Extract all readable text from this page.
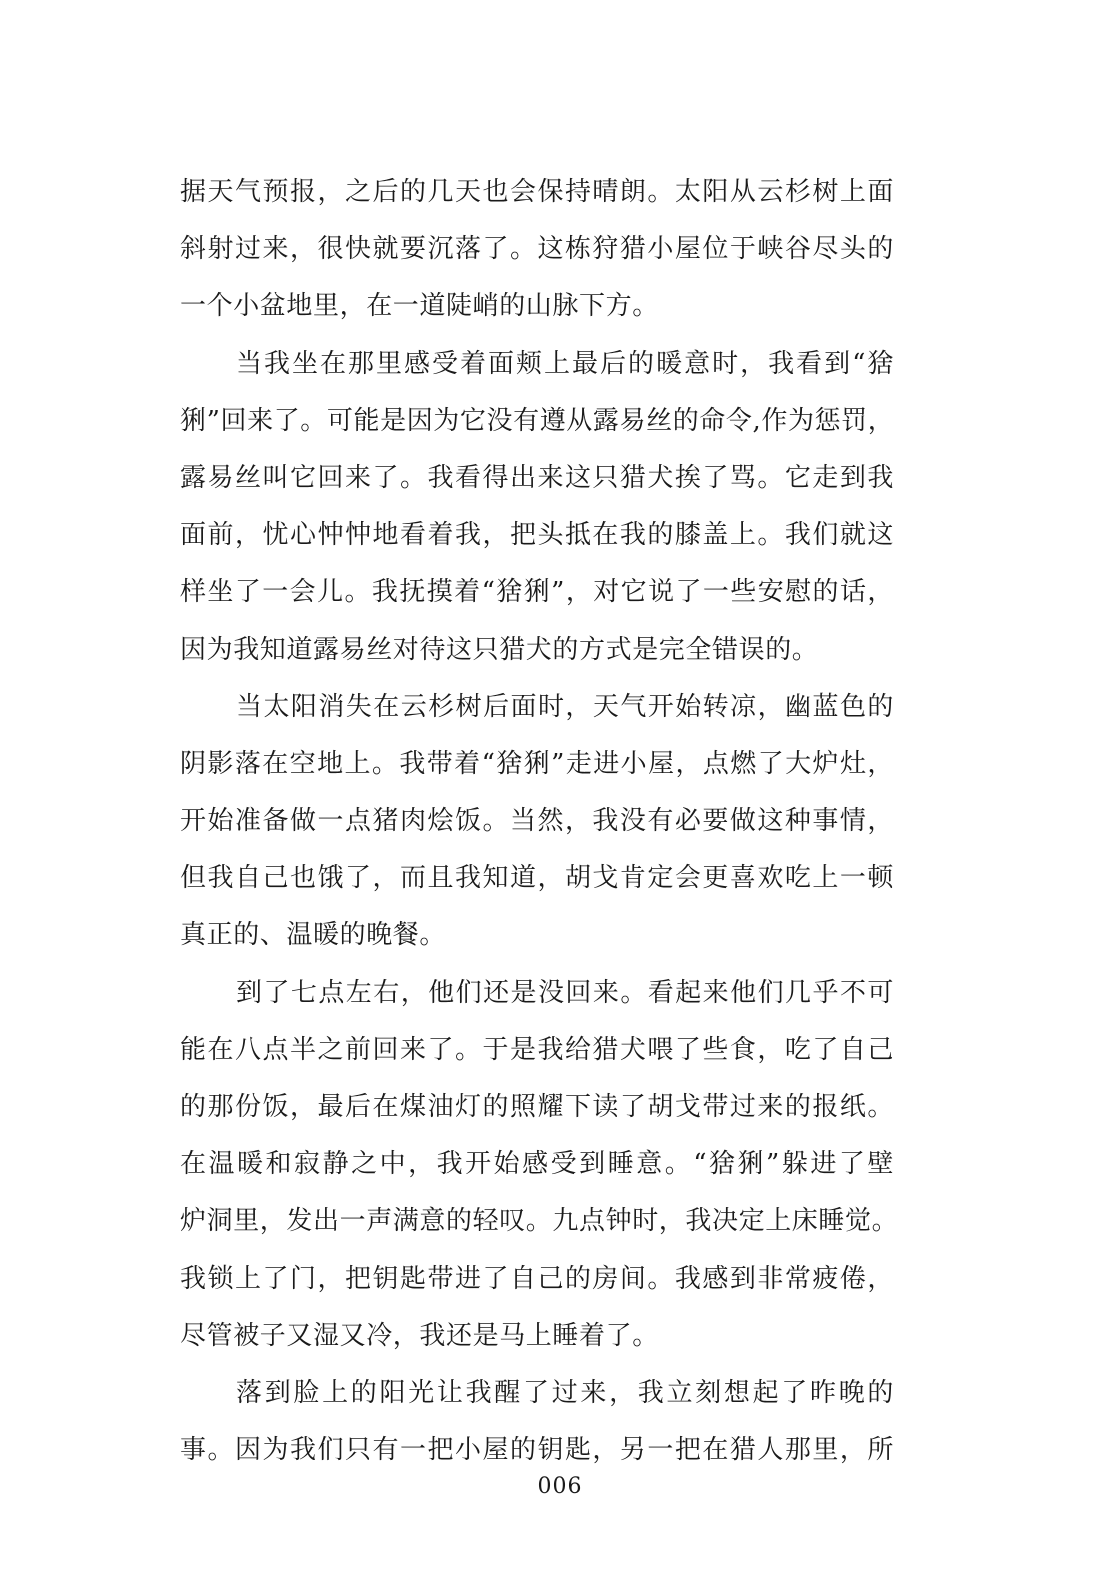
据天气预报，之后的几天也会保持晴朗。太阳从云杉树上面
斜射过来，很快就要沉落了。这栋狩猎小屋位于峡谷尽头的
一个小盆地里，在一道陡峭的山脉下方。
当我坐在那里感受着面颊上最后的暖意时，我看到“猞
猁”回来了。可能是因为它没有遵从露易丝的命令,作为惩罚，
露易丝叫它回来了。我看得出来这只猎犬挨了骂。它走到我
面前，忧心忡忡地看着我，把头抵在我的膝盖上。我们就这
样坐了一会儿。我抚摸着“猞猁”，对它说了一些安慰的话，
因为我知道露易丝对待这只猎犬的方式是完全错误的。
当太阳消失在云杉树后面时，天气开始转凉，幽蓝色的
阴影落在空地上。我带着“猞猁”走进小屋，点燃了大炉灶，
开始准备做一点猪肉烩饭。当然，我没有必要做这种事情，
但我自己也饿了，而且我知道，胡戈肯定会更喜欢吃上一顿
真正的、温暖的晚餐。
到了七点左右，他们还是没回来。看起来他们几乎不可
能在八点半之前回来了。于是我给猎犬喂了些食，吃了自己
的那份饭，最后在煤油灯的照耀下读了胡戈带过来的报纸。
在温暖和寂静之中，我开始感受到睡意。“猞猁”躲进了壁
炉洞里，发出一声满意的轻叹。九点钟时，我决定上床睡觉。
我锁上了门，把钥匙带进了自己的房间。我感到非常疲倦，
尽管被子又湿又冷，我还是马上睡着了。
落到脸上的阳光让我醒了过来，我立刻想起了昨晚的
事。因为我们只有一把小屋的钥匙，另一把在猎人那里，所
006
